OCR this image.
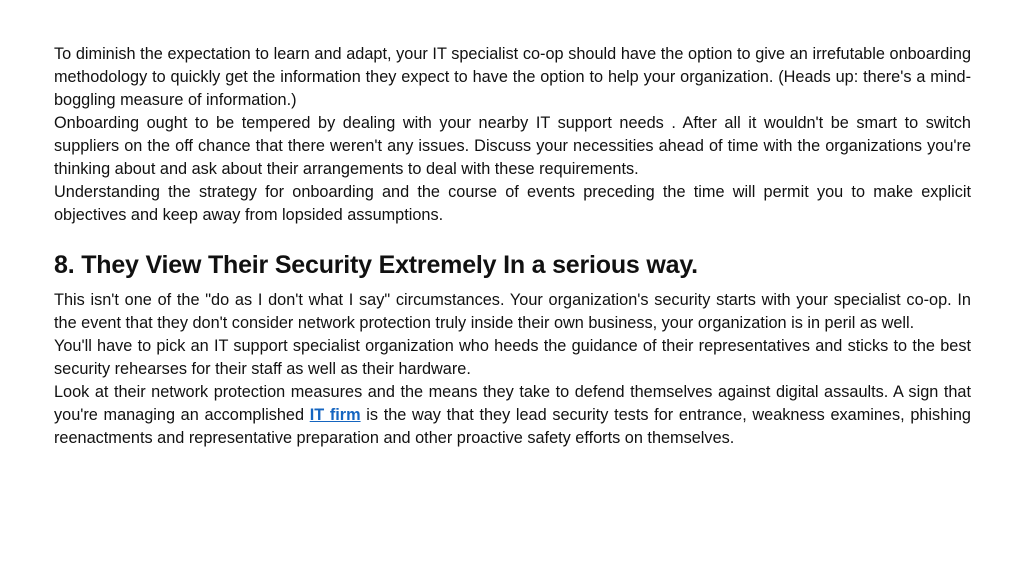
To diminish the expectation to learn and adapt, your IT specialist co-op should have the option to give an irrefutable onboarding methodology to quickly get the information they expect to have the option to help your organization. (Heads up: there's a mind-boggling measure of information.)

Onboarding ought to be tempered by dealing with your nearby IT support needs . After all it wouldn't be smart to switch suppliers on the off chance that there weren't any issues. Discuss your necessities ahead of time with the organizations you're thinking about and ask about their arrangements to deal with these requirements.

Understanding the strategy for onboarding and the course of events preceding the time will permit you to make explicit objectives and keep away from lopsided assumptions.

8. They View Their Security Extremely In a serious way.

This isn't one of the "do as I don't what I say" circumstances. Your organization's security starts with your specialist co-op. In the event that they don't consider network protection truly inside their own business, your organization is in peril as well.

You'll have to pick an IT support specialist organization who heeds the guidance of their representatives and sticks to the best security rehearses for their staff as well as their hardware.

Look at their network protection measures and the means they take to defend themselves against digital assaults. A sign that you're managing an accomplished IT firm is the way that they lead security tests for entrance, weakness examines, phishing reenactments and representative preparation and other proactive safety efforts on themselves.
